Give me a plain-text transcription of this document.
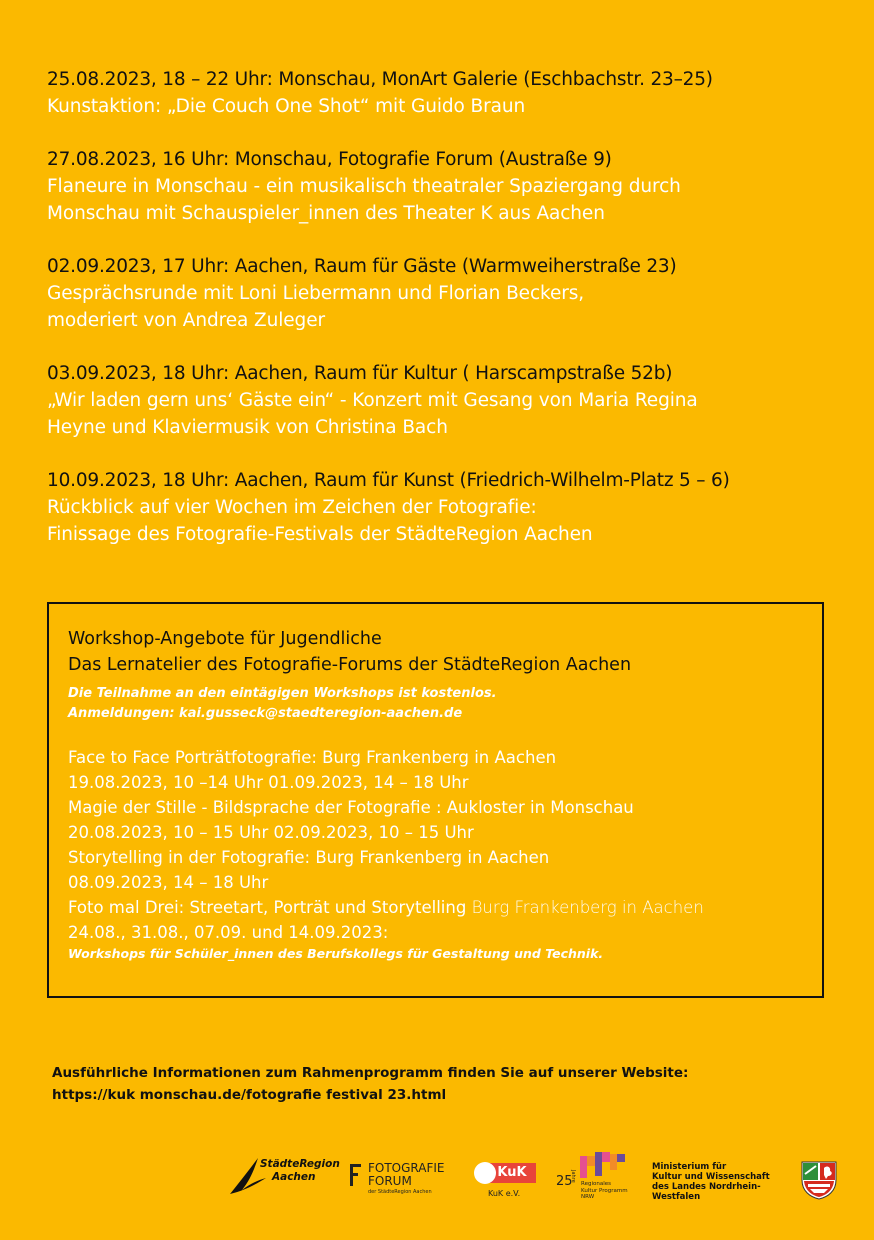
25.08.2023, 18 – 22 Uhr: Monschau, MonArt Galerie (Eschbachstr. 23–25)
Kunstaktion: „Die Couch One Shot“ mit Guido Braun
27.08.2023, 16 Uhr: Monschau, Fotografie Forum (Austraße 9)
Flaneure in Monschau - ein musikalisch theatraler Spaziergang durch
Monschau mit Schauspieler_innen des Theater K aus Aachen
02.09.2023, 17 Uhr: Aachen, Raum für Gäste (Warmweiherstraße 23)
Gesprächsrunde mit Loni Liebermann und Florian Beckers,
moderiert von Andrea Zuleger
03.09.2023, 18 Uhr: Aachen, Raum für Kultur ( Harscampstraße 52b)
„Wir laden gern uns‘ Gäste ein“ - Konzert mit Gesang von Maria Regina
Heyne und Klaviermusik von Christina Bach
10.09.2023, 18 Uhr: Aachen, Raum für Kunst (Friedrich-Wilhelm-Platz 5 – 6)
Rückblick auf vier Wochen im Zeichen der Fotografie:
Finissage des Fotografie-Festivals der StädteRegion Aachen
Workshop-Angebote für Jugendliche
Das Lernatelier des Fotografie-Forums der StädteRegion Aachen
Die Teilnahme an den eintägigen Workshops ist kostenlos.
Anmeldungen: kai.gusseck@staedteregion-aachen.de
Face to Face Porträtfotografie: Burg Frankenberg in Aachen
19.08.2023, 10 –14 Uhr 01.09.2023, 14 – 18 Uhr
Magie der Stille - Bildsprache der Fotografie : Aukloster in Monschau
20.08.2023, 10 – 15 Uhr 02.09.2023, 10 – 15 Uhr
Storytelling in der Fotografie: Burg Frankenberg in Aachen
08.09.2023, 14 – 18 Uhr
Foto mal Drei: Streetart, Porträt und Storytelling Burg Frankenberg in Aachen
24.08., 31.08., 07.09. und 14.09.2023:
Workshops für Schüler_innen des Berufskollegs für Gestaltung und Technik.
Ausführliche Informationen zum Rahmenprogramm finden Sie auf unserer Website:
https://kuk monschau.de/fotografie festival 23.html
StädteRegion
Aachen
FOTOGRAFIE
FORUM
der StädteRegion Aachen
KuK
KuK e.V.
25
Jahre
Regionales
Kultur Programm
NRW
Ministerium für
Kultur und Wissenschaft
des Landes Nordrhein-Westfalen
